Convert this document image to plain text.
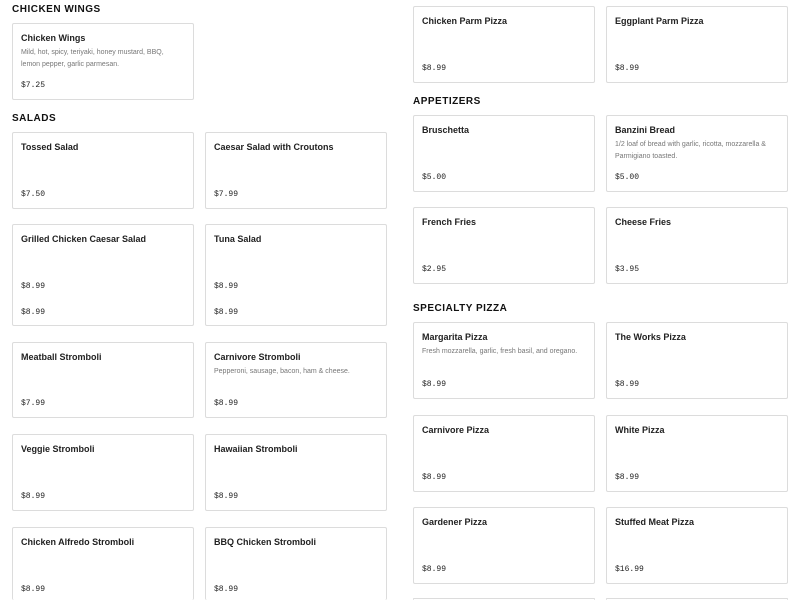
CHICKEN WINGS
Chicken Wings
Mild, hot, spicy, teriyaki, honey mustard, BBQ, lemon pepper, garlic parmesan.
$7.25
SALADS
Tossed Salad
$7.50
Caesar Salad with Croutons
$7.99
Grilled Chicken Caesar Salad
$8.99
Tuna Salad
$8.99
$8.99	$8.99
Meatball Stromboli
$7.99
Carnivore Stromboli
Pepperoni, sausage, bacon, ham & cheese.
$8.99
Veggie Stromboli
$8.99
Hawaiian Stromboli
$8.99
Chicken Alfredo Stromboli
$8.99
BBQ Chicken Stromboli
$8.99
Chicken Parm Pizza
$8.99
Eggplant Parm Pizza
$8.99
APPETIZERS
Bruschetta
$5.00
Banzini Bread
1/2 loaf of bread with garlic, ricotta, mozzarella & Parmigiano toasted.
$5.00
French Fries
$2.95
Cheese Fries
$3.95
SPECIALTY PIZZA
Margarita Pizza
Fresh mozzarella, garlic, fresh basil, and oregano.
$8.99
The Works Pizza
$8.99
Carnivore Pizza
$8.99
White Pizza
$8.99
Gardener Pizza
$8.99
Stuffed Meat Pizza
$16.99
